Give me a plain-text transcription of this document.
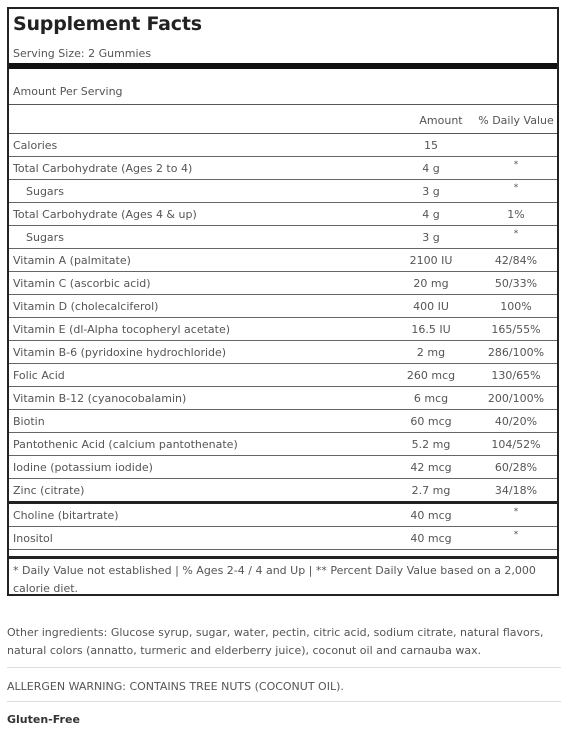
Supplement Facts
Serving Size: 2 Gummies
Amount Per Serving
Amount	% Daily Value
Calories	15
Total Carbohydrate (Ages 2 to 4)	4 g	*
Sugars	3 g	*
Total Carbohydrate (Ages 4 & up)	4 g	1%
Sugars	3 g	*
Vitamin A (palmitate)	2100 IU	42/84%
Vitamin C (ascorbic acid)	20 mg	50/33%
Vitamin D (cholecalciferol)	400 IU	100%
Vitamin E (dl-Alpha tocopheryl acetate)	16.5 IU	165/55%
Vitamin B-6 (pyridoxine hydrochloride)	2 mg	286/100%
Folic Acid	260 mcg	130/65%
Vitamin B-12 (cyanocobalamin)	6 mcg	200/100%
Biotin	60 mcg	40/20%
Pantothenic Acid (calcium pantothenate)	5.2 mg	104/52%
Iodine (potassium iodide)	42 mcg	60/28%
Zinc (citrate)	2.7 mg	34/18%
Choline (bitartrate)	40 mcg	*
Inositol	40 mcg	*
* Daily Value not established | % Ages 2-4 / 4 and Up | ** Percent Daily Value based on a 2,000 calorie diet.
Other ingredients: Glucose syrup, sugar, water, pectin, citric acid, sodium citrate, natural flavors, natural colors (annatto, turmeric and elderberry juice), coconut oil and carnauba wax.
ALLERGEN WARNING: CONTAINS TREE NUTS (COCONUT OIL).
Gluten-Free
